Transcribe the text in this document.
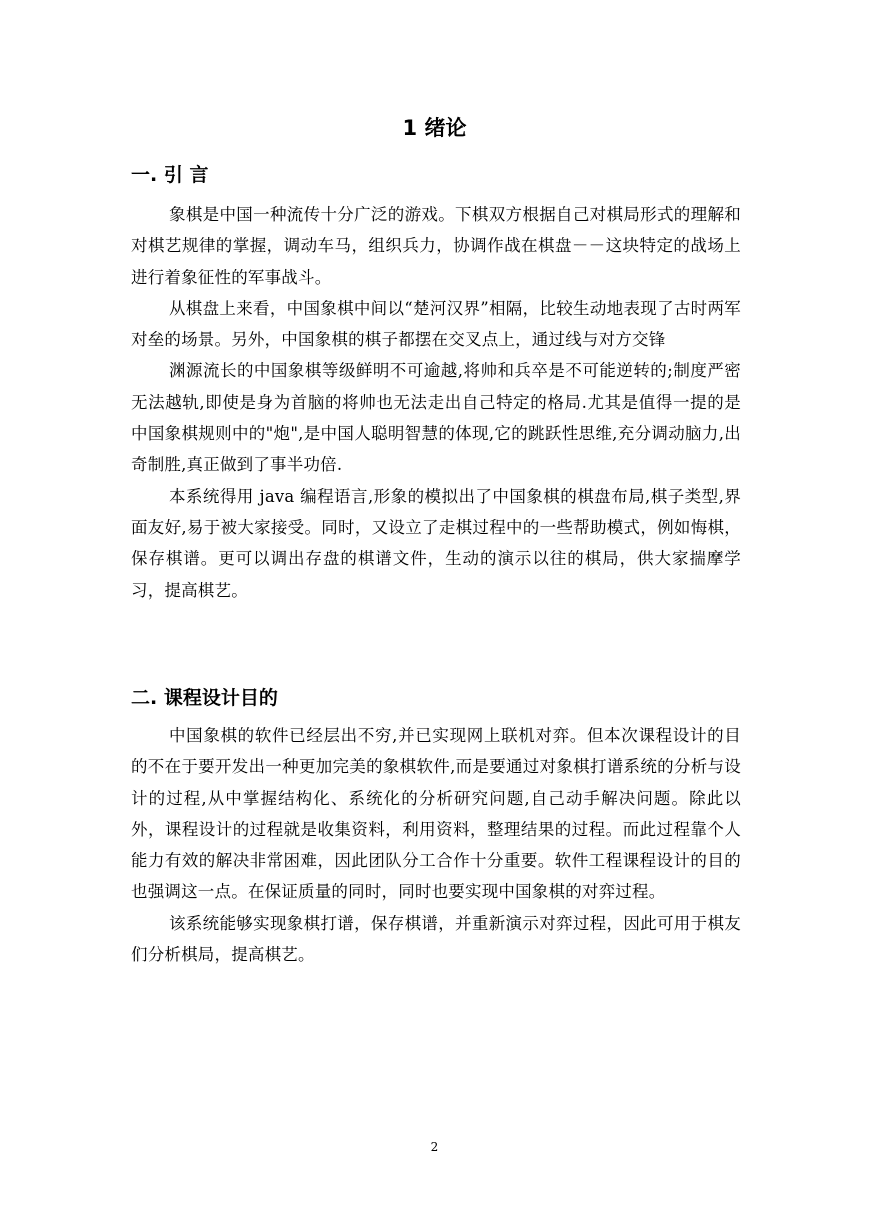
1 绪论
一. 引 言

象棋是中国一种流传十分广泛的游戏。下棋双方根据自己对棋局形式的理解和对棋艺规律的掌握，调动车马，组织兵力，协调作战在棋盘－－这块特定的战场上进行着象征性的军事战斗。

从棋盘上来看，中国象棋中间以“楚河汉界”相隔，比较生动地表现了古时两军对垒的场景。另外，中国象棋的棋子都摆在交叉点上，通过线与对方交锋

渊源流长的中国象棋等级鲜明不可逾越,将帅和兵卒是不可能逆转的;制度严密无法越轨,即使是身为首脑的将帅也无法走出自己特定的格局.尤其是值得一提的是中国象棋规则中的"炮",是中国人聪明智慧的体现,它的跳跃性思维,充分调动脑力,出奇制胜,真正做到了事半功倍.

本系统得用 java 编程语言,形象的模拟出了中国象棋的棋盘布局,棋子类型,界面友好,易于被大家接受。同时，又设立了走棋过程中的一些帮助模式，例如悔棋，保存棋谱。更可以调出存盘的棋谱文件，生动的演示以往的棋局，供大家揣摩学习，提高棋艺。

二. 课程设计目的

中国象棋的软件已经层出不穷,并已实现网上联机对弈。但本次课程设计的目的不在于要开发出一种更加完美的象棋软件,而是要通过对象棋打谱系统的分析与设计的过程,从中掌握结构化、系统化的分析研究问题,自己动手解决问题。除此以外，课程设计的过程就是收集资料，利用资料，整理结果的过程。而此过程靠个人能力有效的解决非常困难，因此团队分工合作十分重要。软件工程课程设计的目的也强调这一点。在保证质量的同时，同时也要实现中国象棋的对弈过程。

该系统能够实现象棋打谱，保存棋谱，并重新演示对弈过程，因此可用于棋友们分析棋局，提高棋艺。

2
